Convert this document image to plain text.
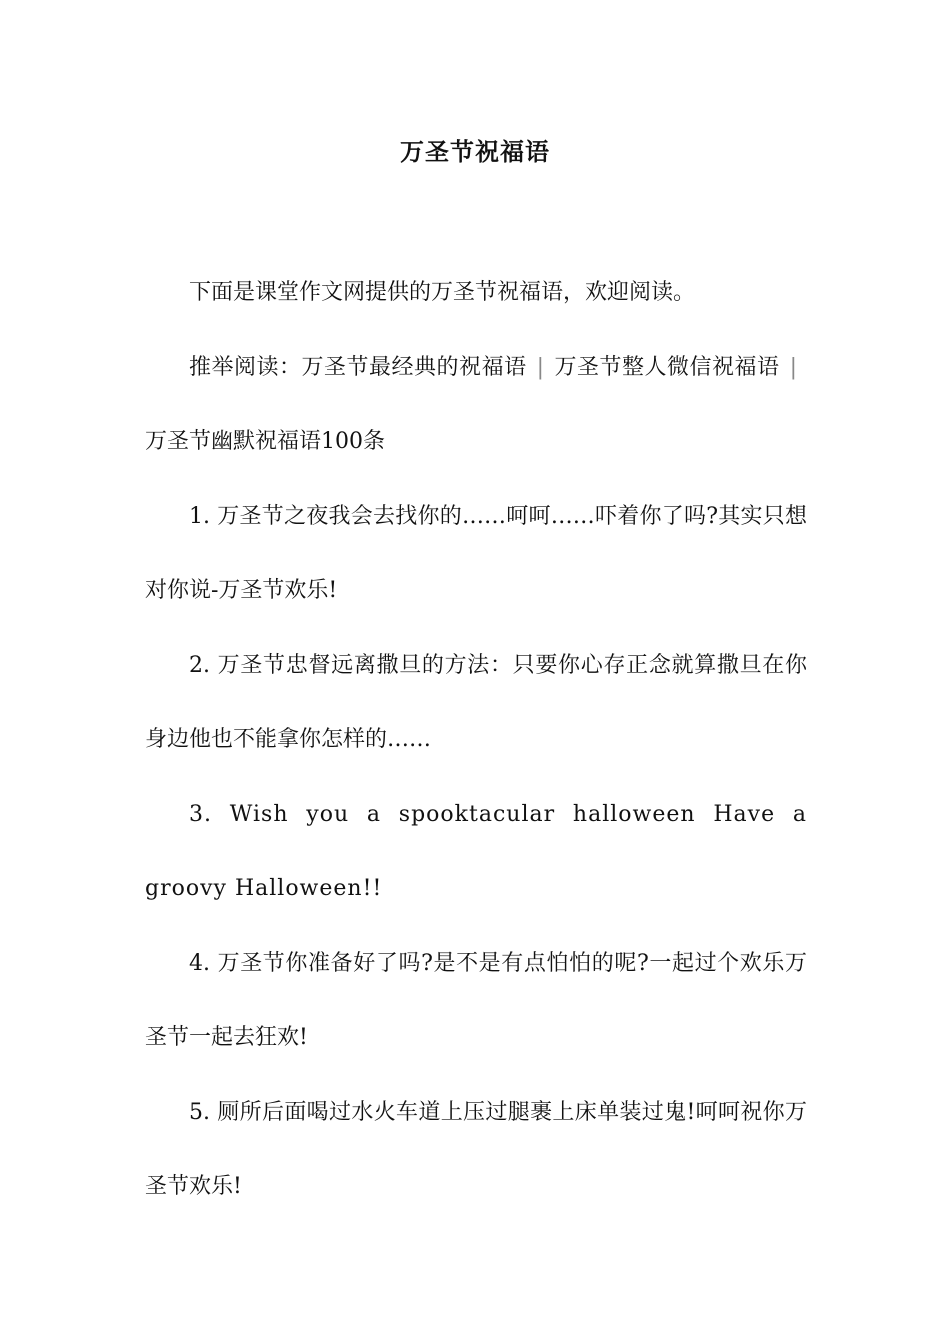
万圣节祝福语

下面是课堂作文网提供的万圣节祝福语，欢迎阅读。

推举阅读：万圣节最经典的祝福语 | 万圣节整人微信祝福语 |万圣节幽默祝福语100条

1. 万圣节之夜我会去找你的……呵呵……吓着你了吗?其实只想对你说-万圣节欢乐!

2. 万圣节忠督远离撒旦的方法：只要你心存正念就算撒旦在你身边他也不能拿你怎样的……

3. Wish you a spooktacular halloween Have a groovy Halloween!!

4. 万圣节你准备好了吗?是不是有点怕怕的呢?一起过个欢乐万圣节一起去狂欢!

5. 厕所后面喝过水火车道上压过腿裹上床单装过鬼!呵呵祝你万圣节欢乐!
